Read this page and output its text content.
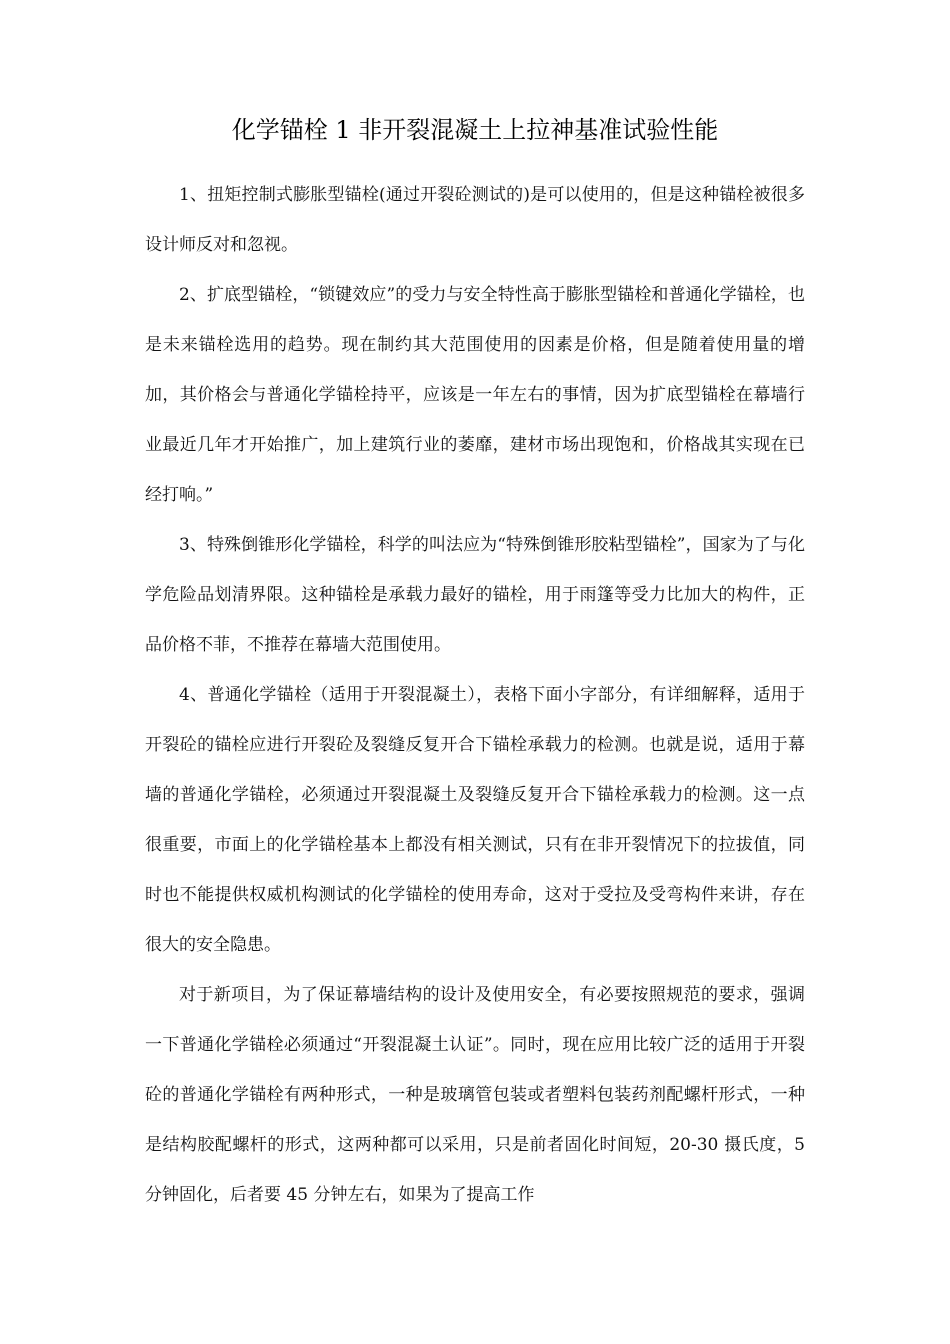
化学锚栓 1 非开裂混凝土上拉神基准试验性能

1、扭矩控制式膨胀型锚栓(通过开裂砼测试的)是可以使用的，但是这种锚栓被很多设计师反对和忽视。

2、扩底型锚栓，“锁键效应”的受力与安全特性高于膨胀型锚栓和普通化学锚栓，也是未来锚栓选用的趋势。现在制约其大范围使用的因素是价格，但是随着使用量的增加，其价格会与普通化学锚栓持平，应该是一年左右的事情，因为扩底型锚栓在幕墙行业最近几年才开始推广，加上建筑行业的萎靡，建材市场出现饱和，价格战其实现在已经打响。”

3、特殊倒锥形化学锚栓，科学的叫法应为“特殊倒锥形胶粘型锚栓”，国家为了与化学危险品划清界限。这种锚栓是承载力最好的锚栓，用于雨篷等受力比加大的构件，正品价格不菲，不推荐在幕墙大范围使用。

4、普通化学锚栓（适用于开裂混凝土），表格下面小字部分，有详细解释，适用于开裂砼的锚栓应进行开裂砼及裂缝反复开合下锚栓承载力的检测。也就是说，适用于幕墙的普通化学锚栓，必须通过开裂混凝土及裂缝反复开合下锚栓承载力的检测。这一点很重要，市面上的化学锚栓基本上都没有相关测试，只有在非开裂情况下的拉拔值，同时也不能提供权威机构测试的化学锚栓的使用寿命，这对于受拉及受弯构件来讲，存在很大的安全隐患。

对于新项目，为了保证幕墙结构的设计及使用安全，有必要按照规范的要求，强调一下普通化学锚栓必须通过“开裂混凝土认证”。同时，现在应用比较广泛的适用于开裂砼的普通化学锚栓有两种形式，一种是玻璃管包装或者塑料包装药剂配螺杆形式，一种是结构胶配螺杆的形式，这两种都可以采用，只是前者固化时间短，20-30 摄氏度，5 分钟固化，后者要 45 分钟左右，如果为了提高工作
